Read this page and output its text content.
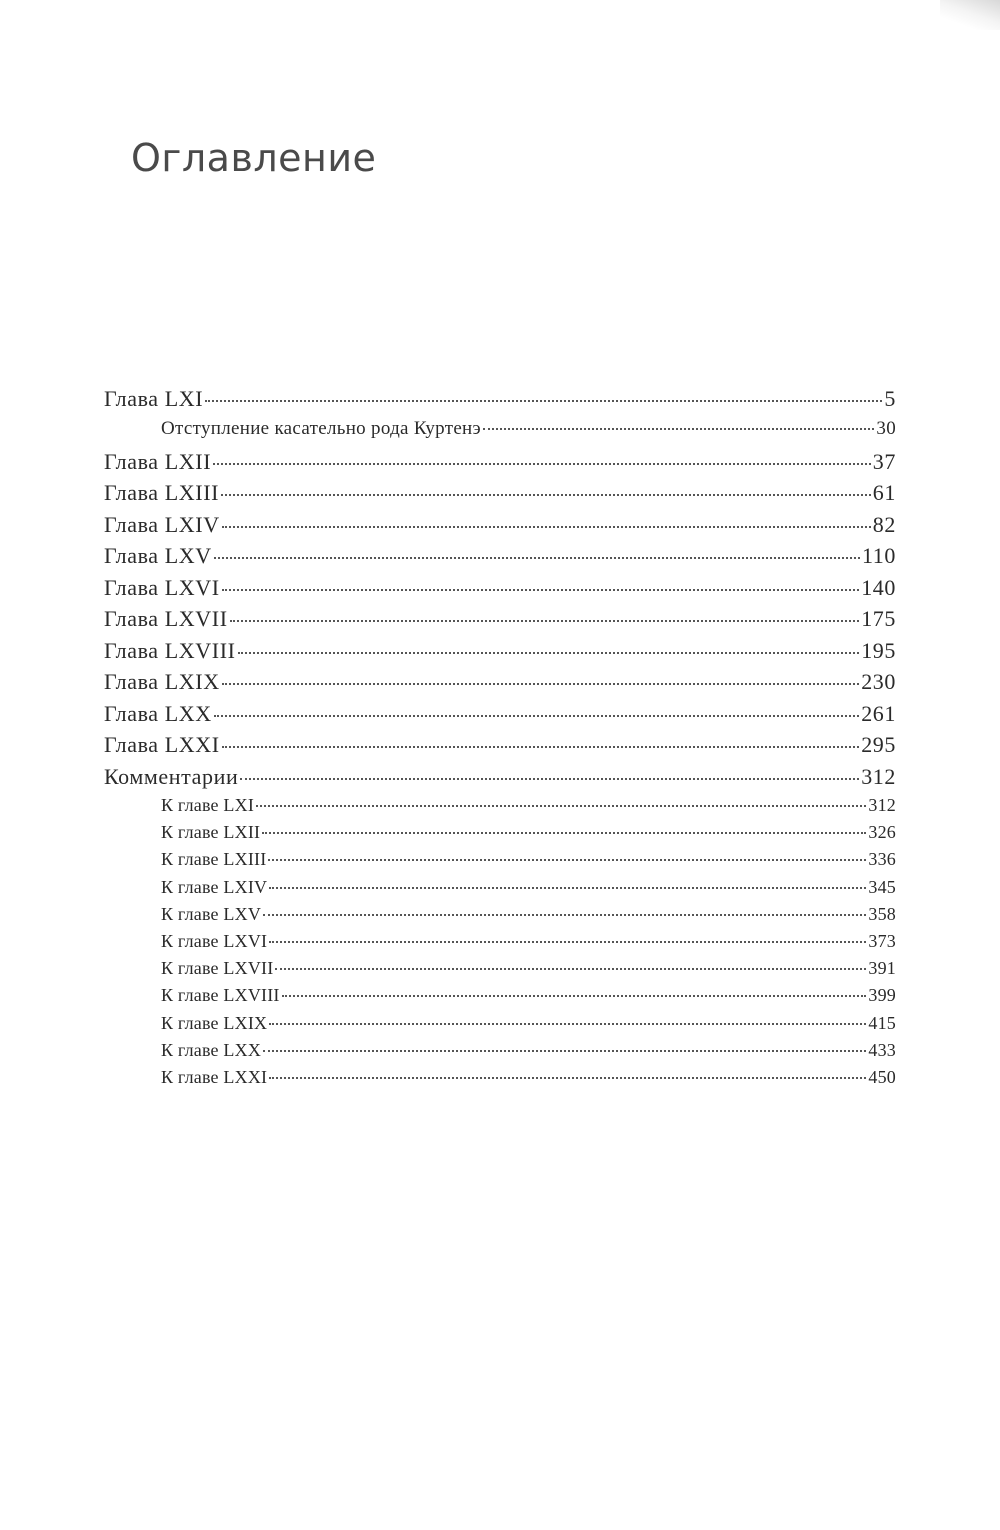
Оглавление
Глава LXI	5
Отступление касательно рода Куртенэ	30
Глава LXII	37
Глава LXIII	61
Глава LXIV	82
Глава LXV	110
Глава LXVI	140
Глава LXVII	175
Глава LXVIII	195
Глава LXIX	230
Глава LXX	261
Глава LXXI	295
Комментарии	312
К главе LXI	312
К главе LXII	326
К главе LXIII	336
К главе LXIV	345
К главе LXV	358
К главе LXVI	373
К главе LXVII	391
К главе LXVIII	399
К главе LXIX	415
К главе LXX	433
К главе LXXI	450
